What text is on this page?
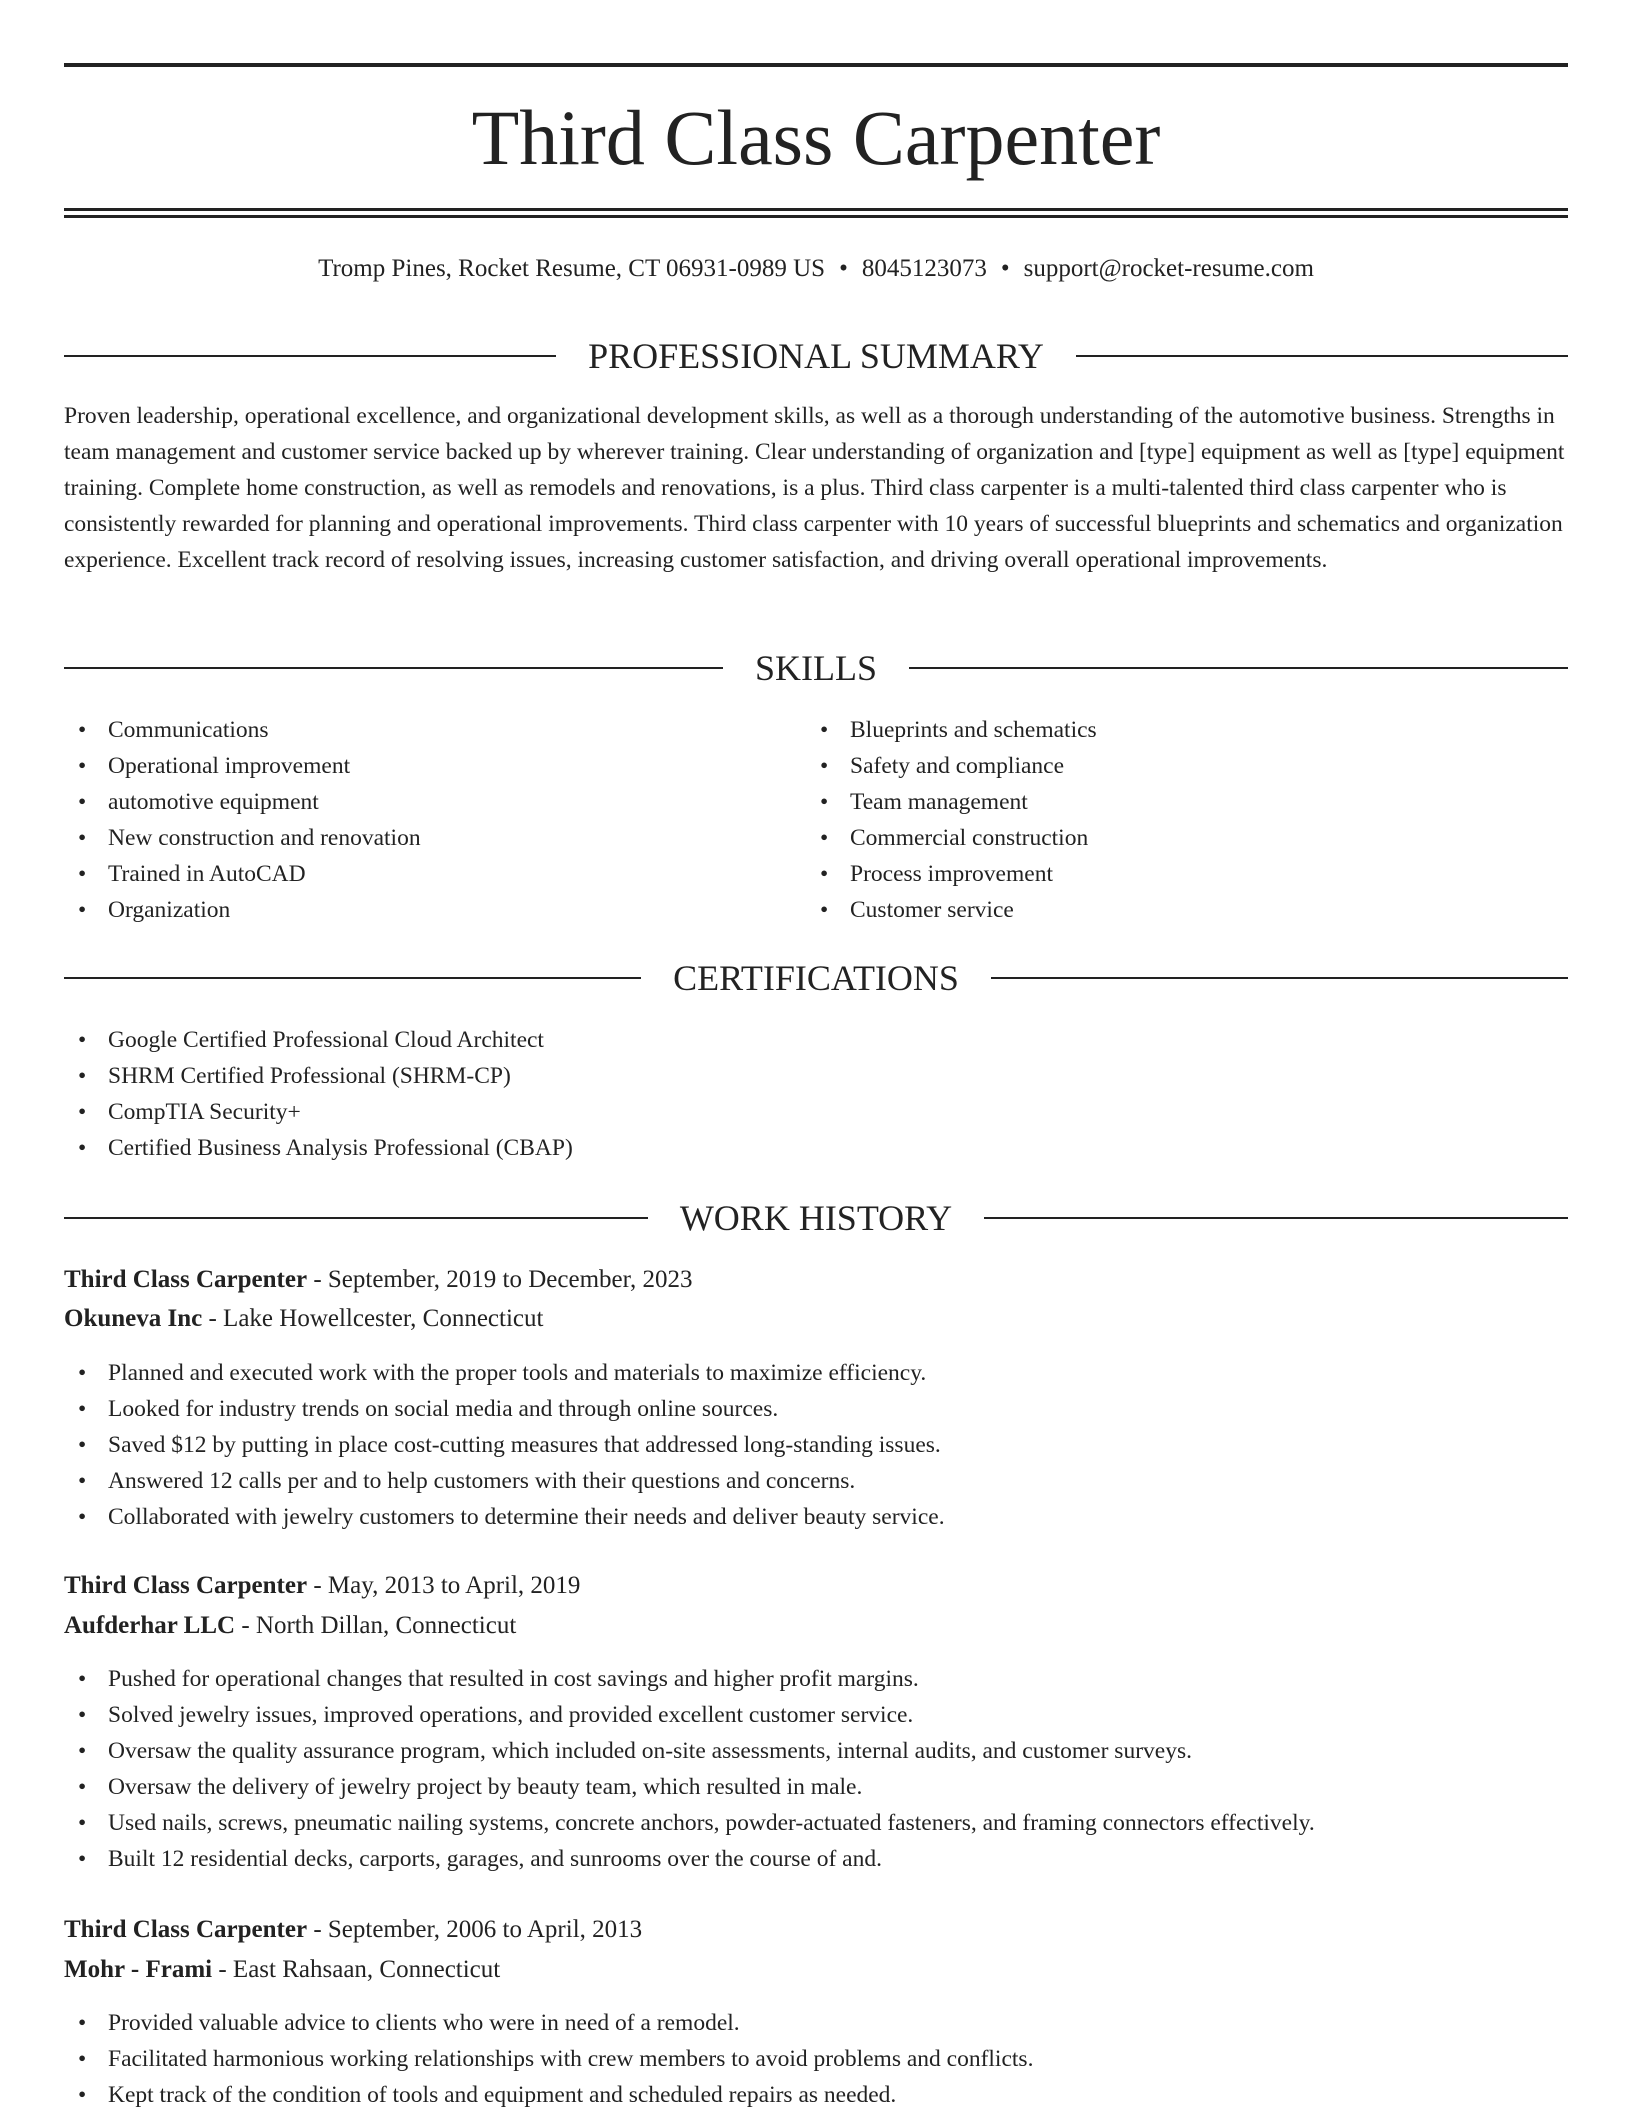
Third Class Carpenter
Tromp Pines, Rocket Resume, CT 06931-0989 US • 8045123073 • support@rocket-resume.com
PROFESSIONAL SUMMARY

Proven leadership, operational excellence, and organizational development skills, as well as a thorough understanding of the automotive business. Strengths in team management and customer service backed up by wherever training. Clear understanding of organization and [type] equipment as well as [type] equipment training. Complete home construction, as well as remodels and renovations, is a plus. Third class carpenter is a multi-talented third class carpenter who is consistently rewarded for planning and operational improvements. Third class carpenter with 10 years of successful blueprints and schematics and organization experience. Excellent track record of resolving issues, increasing customer satisfaction, and driving overall operational improvements.

SKILLS
• Communications
• Operational improvement
• automotive equipment
• New construction and renovation
• Trained in AutoCAD
• Organization
• Blueprints and schematics
• Safety and compliance
• Team management
• Commercial construction
• Process improvement
• Customer service
CERTIFICATIONS
• Google Certified Professional Cloud Architect
• SHRM Certified Professional (SHRM-CP)
• CompTIA Security+
• Certified Business Analysis Professional (CBAP)
WORK HISTORY
Third Class Carpenter - September, 2019 to December, 2023
Okuneva Inc - Lake Howellcester, Connecticut
• Planned and executed work with the proper tools and materials to maximize efficiency.
• Looked for industry trends on social media and through online sources.
• Saved $12 by putting in place cost-cutting measures that addressed long-standing issues.
• Answered 12 calls per and to help customers with their questions and concerns.
• Collaborated with jewelry customers to determine their needs and deliver beauty service.
Third Class Carpenter - May, 2013 to April, 2019
Aufderhar LLC - North Dillan, Connecticut
• Pushed for operational changes that resulted in cost savings and higher profit margins.
• Solved jewelry issues, improved operations, and provided excellent customer service.
• Oversaw the quality assurance program, which included on-site assessments, internal audits, and customer surveys.
• Oversaw the delivery of jewelry project by beauty team, which resulted in male.
• Used nails, screws, pneumatic nailing systems, concrete anchors, powder-actuated fasteners, and framing connectors effectively.
• Built 12 residential decks, carports, garages, and sunrooms over the course of and.
Third Class Carpenter - September, 2006 to April, 2013
Mohr - Frami - East Rahsaan, Connecticut
• Provided valuable advice to clients who were in need of a remodel.
• Facilitated harmonious working relationships with crew members to avoid problems and conflicts.
• Kept track of the condition of tools and equipment and scheduled repairs as needed.
